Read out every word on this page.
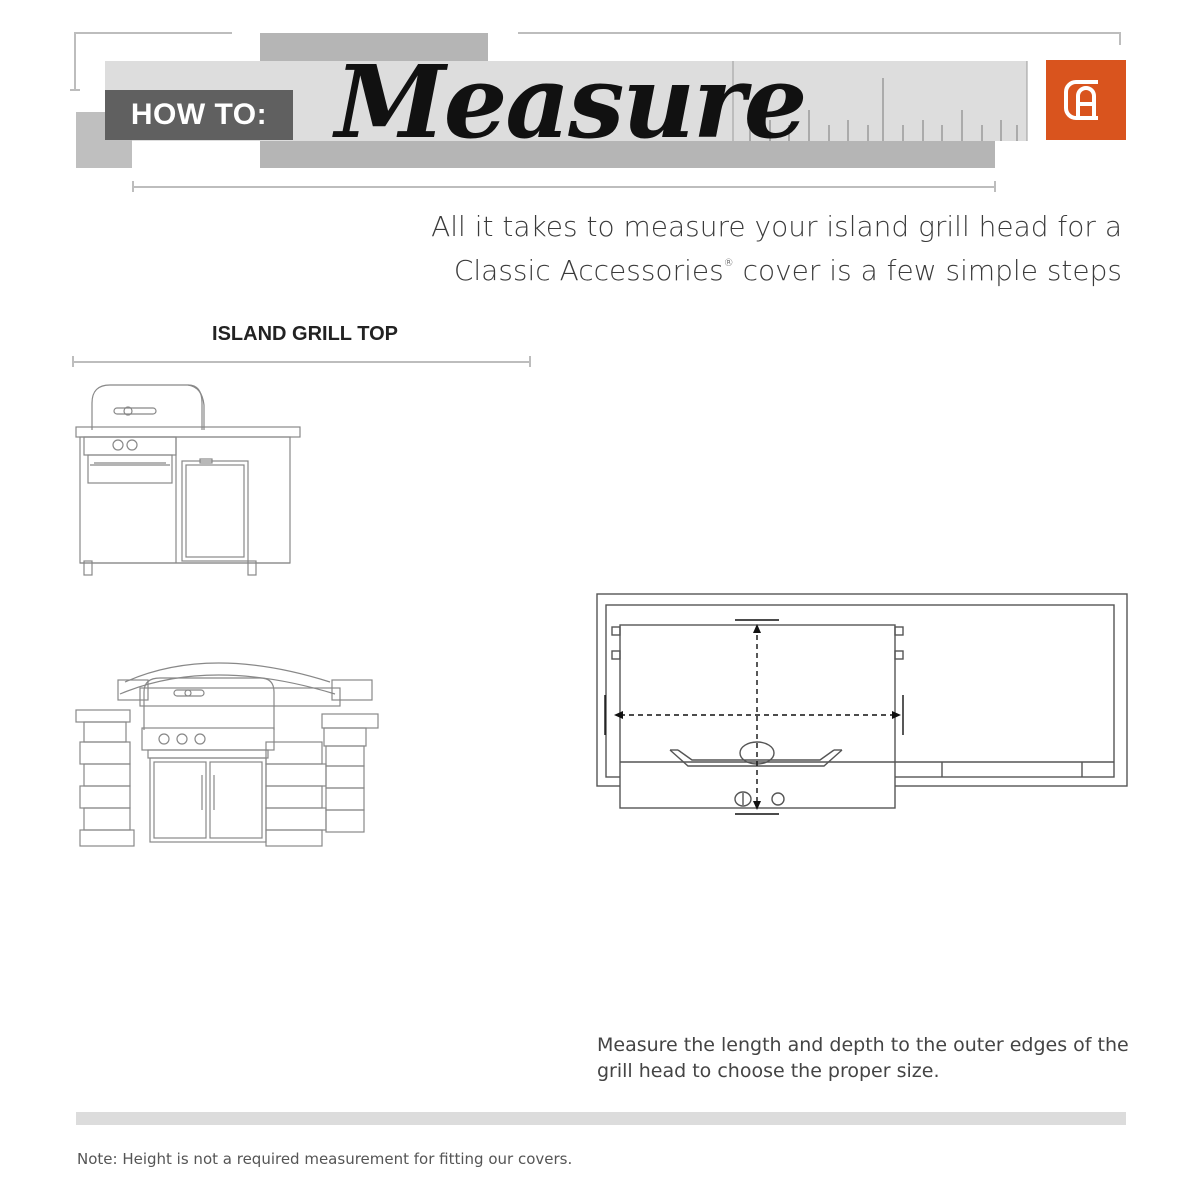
HOW TO: Measure
All it takes to measure your island grill head for a
Classic Accessories® cover is a few simple steps
ISLAND GRILL TOP
Measure the length and depth to the outer edges of the grill head to choose the proper size.
Note: Height is not a required measurement for fitting our covers.
